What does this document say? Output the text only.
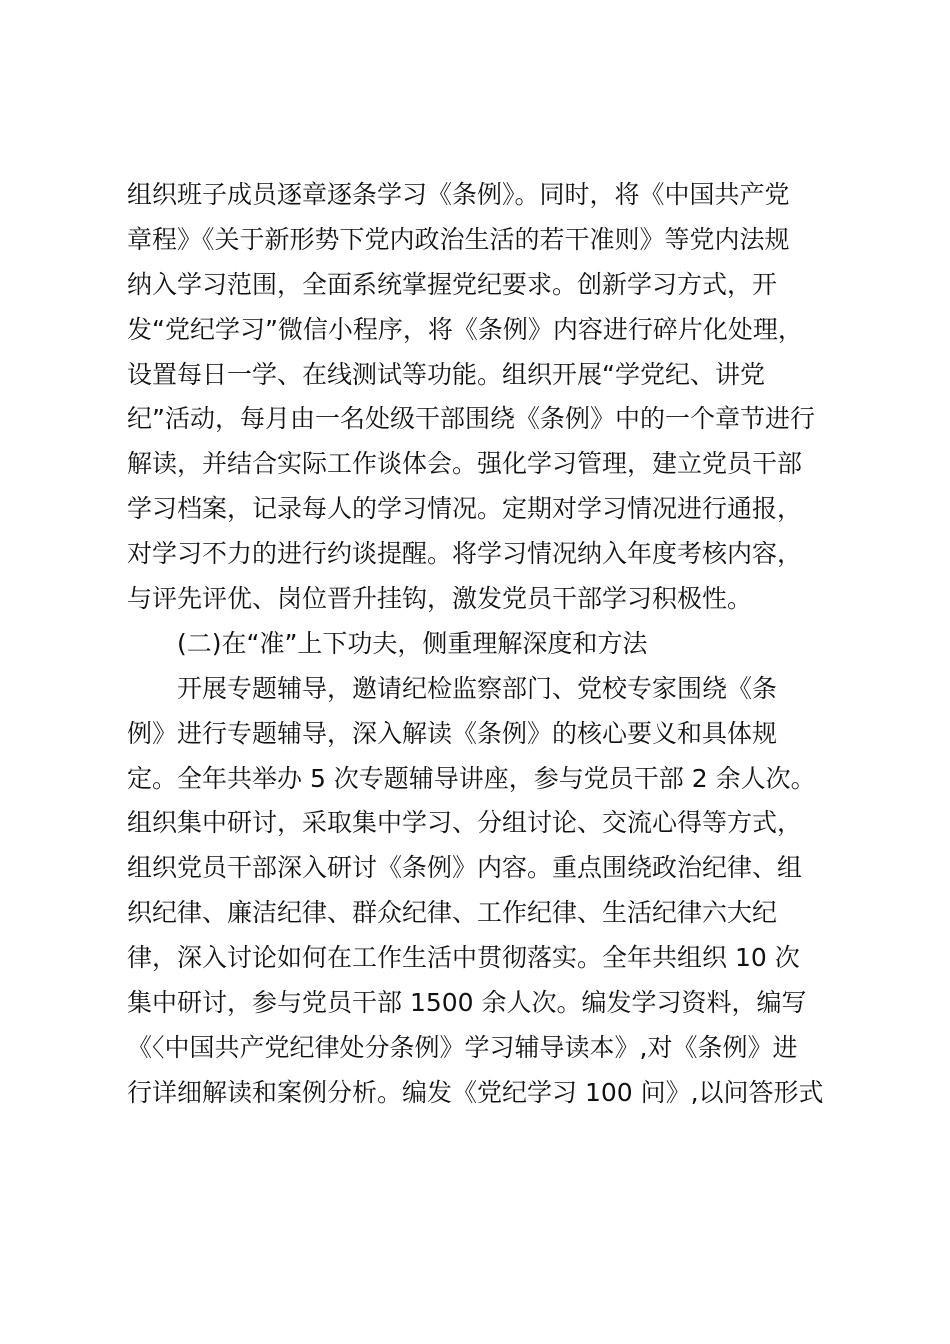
组织班子成员逐章逐条学习《条例》。同时，将《中国共产党
章程》《关于新形势下党内政治生活的若干准则》等党内法规
纳入学习范围，全面系统掌握党纪要求。创新学习方式，开
发“党纪学习”微信小程序，将《条例》内容进行碎片化处理，
设置每日一学、在线测试等功能。组织开展“学党纪、讲党
纪”活动，每月由一名处级干部围绕《条例》中的一个章节进行
解读，并结合实际工作谈体会。强化学习管理，建立党员干部
学习档案，记录每人的学习情况。定期对学习情况进行通报，
对学习不力的进行约谈提醒。将学习情况纳入年度考核内容，
与评先评优、岗位晋升挂钩，激发党员干部学习积极性。
(二)在“准”上下功夫，侧重理解深度和方法
开展专题辅导，邀请纪检监察部门、党校专家围绕《条
例》进行专题辅导，深入解读《条例》的核心要义和具体规
定。全年共举办 5 次专题辅导讲座，参与党员干部 2 余人次。
组织集中研讨，采取集中学习、分组讨论、交流心得等方式，
组织党员干部深入研讨《条例》内容。重点围绕政治纪律、组
织纪律、廉洁纪律、群众纪律、工作纪律、生活纪律六大纪
律，深入讨论如何在工作生活中贯彻落实。全年共组织 10 次
集中研讨，参与党员干部 1500 余人次。编发学习资料，编写
《〈中国共产党纪律处分条例》学习辅导读本》,对《条例》进
行详细解读和案例分析。编发《党纪学习 100 问》,以问答形式
